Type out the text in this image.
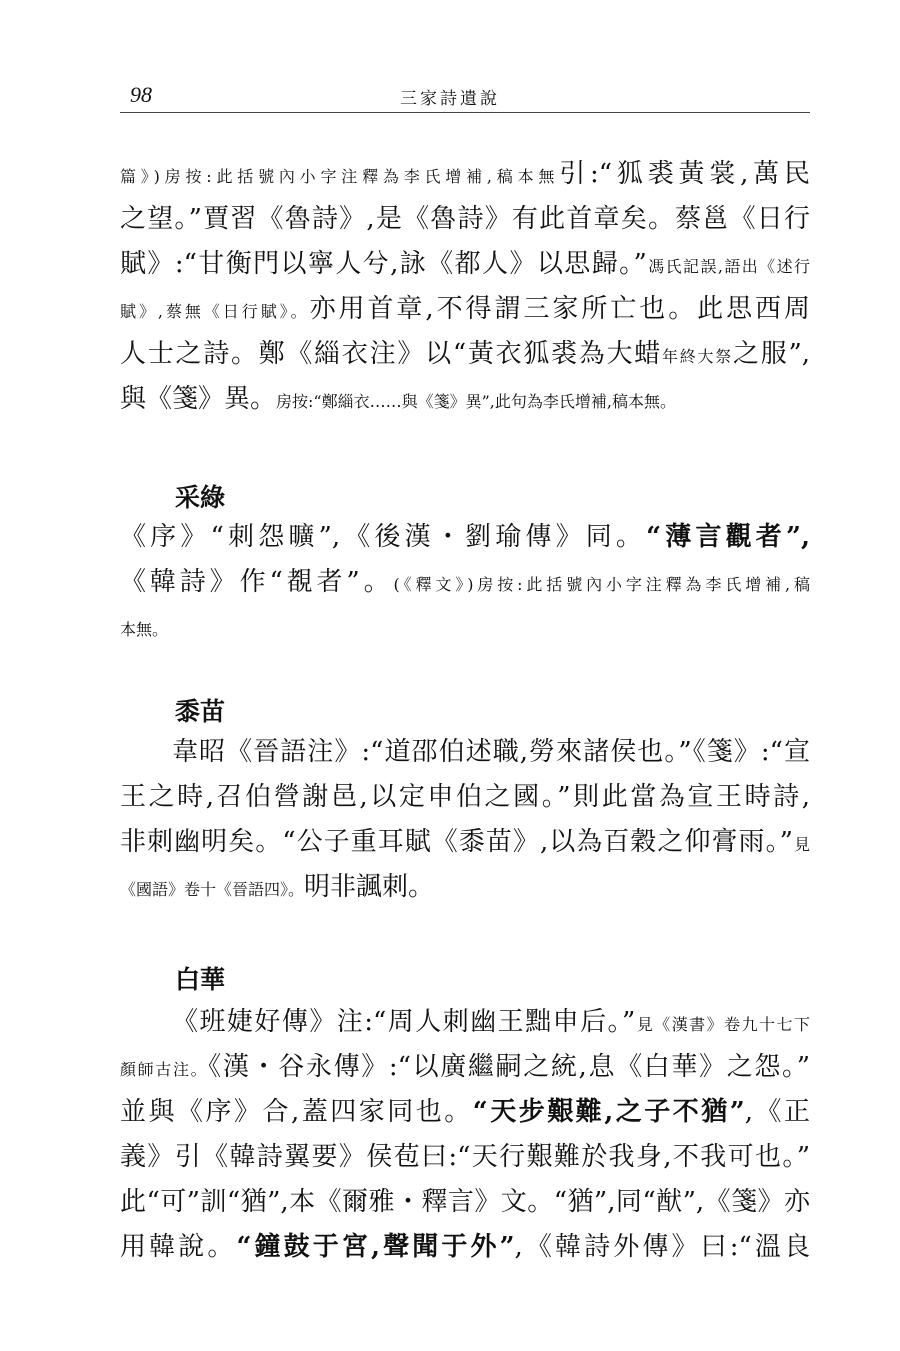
98	三家詩遺說
篇》)房按:此括號內小字注釋為李氏增補,稿本無引:“狐裘黃裳,萬民
之望。”賈習《魯詩》,是《魯詩》有此首章矣。蔡邕《日行
賦》:“甘衡門以寧人兮,詠《都人》以思歸。”馮氏記誤,語出《述行
賦》,蔡無《日行賦》。亦用首章,不得謂三家所亡也。此思西周
人士之詩。鄭《緇衣注》以“黃衣狐裘為大蜡年終大祭之服”,
與《箋》異。房按:“鄭緇衣……與《箋》異”,此句為李氏增補,稿本無。
采綠
《序》“刺怨曠”,《後漢・劉瑜傳》同。“薄言觀者”,
《韓詩》作“覩者”。(《釋文》)房按:此括號內小字注釋為李氏增補,稿
本無。
黍苗
韋昭《晉語注》:“道邵伯述職,勞來諸侯也。”《箋》:“宣
王之時,召伯營謝邑,以定申伯之國。”則此當為宣王時詩,
非刺幽明矣。“公子重耳賦《黍苗》,以為百穀之仰膏雨。”見
《國語》卷十《晉語四》。明非諷刺。
白華
《班婕好傳》注:“周人刺幽王黜申后。”見《漢書》卷九十七下
顏師古注。《漢・谷永傳》:“以廣繼嗣之統,息《白華》之怨。”
並與《序》合,蓋四家同也。“天步艱難,之子不猶”,《正
義》引《韓詩翼要》侯苞曰:“天行艱難於我身,不我可也。”
此“可”訓“猶”,本《爾雅・釋言》文。“猶”,同“猷”,《箋》亦
用韓說。“鐘鼓于宮,聲聞于外”,《韓詩外傳》曰:“溫良
